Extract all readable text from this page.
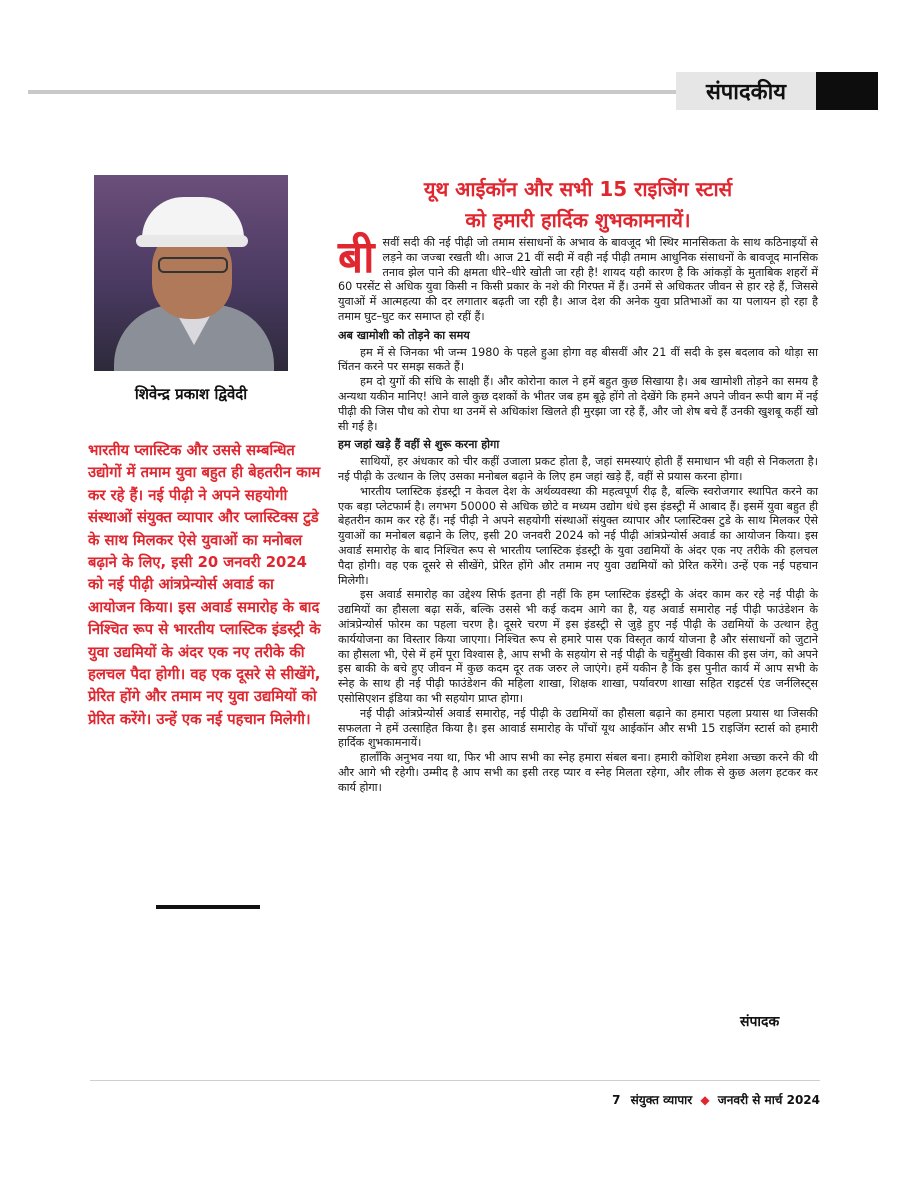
संपादकीय
शिवेन्द्र प्रकाश द्विवेदी
भारतीय प्लास्टिक और उससे सम्बन्धित उद्योगों में तमाम युवा बहुत ही बेहतरीन काम कर रहे हैं। नई पीढ़ी ने अपने सहयोगी संस्थाओं संयुक्त व्यापार और प्लास्टिक्स टुडे के साथ मिलकर ऐसे युवाओं का मनोबल बढ़ाने के लिए, इसी 20 जनवरी 2024 को नई पीढ़ी आंत्रप्रेन्योर्स अवार्ड का आयोजन किया। इस अवार्ड समारोह के बाद निश्चित रूप से भारतीय प्लास्टिक इंडस्ट्री के युवा उद्यमियों के अंदर एक नए तरीके की हलचल पैदा होगी। वह एक दूसरे से सीखेंगे, प्रेरित होंगे और तमाम नए युवा उद्यमियों को प्रेरित करेंगे। उन्हें एक नई पहचान मिलेगी।
यूथ आईकॉन और सभी 15 राइजिंग स्टार्स
को हमारी हार्दिक शुभकामनायें।

बीसवीं सदी की नई पीढ़ी जो तमाम संसाधनों के अभाव के बावजूद भी स्थिर मानसिकता के साथ कठिनाइयों से लड़ने का जज्बा रखती थी। आज 21 वीं सदी में वही नई पीढ़ी तमाम आधुनिक संसाधनों के बावजूद मानसिक तनाव झेल पाने की क्षमता धीरे–धीरे खोती जा रही है! शायद यही कारण है कि आंकड़ों के मुताबिक शहरों में 60 परसेंट से अधिक युवा किसी न किसी प्रकार के नशे की गिरफ्त में हैं। उनमें से अधिकतर जीवन से हार रहे हैं, जिससे युवाओं में आत्महत्या की दर लगातार बढ़ती जा रही है। आज देश की अनेक युवा प्रतिभाओं का या पलायन हो रहा है तमाम घुट–घुट कर समाप्त हो रहीं हैं।

अब खामोशी को तोड़ने का समय

हम में से जिनका भी जन्म 1980 के पहले हुआ होगा वह बीसवीं और 21 वीं सदी के इस बदलाव को थोड़ा सा चिंतन करने पर समझ सकते हैं।

हम दो युगों की संधि के साक्षी हैं। और कोरोना काल ने हमें बहुत कुछ सिखाया है। अब खामोशी तोड़ने का समय है अन्यथा यकीन मानिए! आने वाले कुछ दशकों के भीतर जब हम बूढ़े होंगे तो देखेंगे कि हमने अपने जीवन रूपी बाग में नई पीढ़ी की जिस पौध को रोपा था उनमें से अधिकांश खिलते ही मुरझा जा रहे हैं, और जो शेष बचे हैं उनकी खुशबू कहीं खो सी गई है।

हम जहां खड़े हैं वहीं से शुरू करना होगा

साथियों, हर अंधकार को चीर कहीं उजाला प्रकट होता है, जहां समस्याएं होती हैं समाधान भी वही से निकलता है। नई पीढ़ी के उत्थान के लिए उसका मनोबल बढ़ाने के लिए हम जहां खड़े हैं, वहीं से प्रयास करना होगा।

भारतीय प्लास्टिक इंडस्ट्री न केवल देश के अर्थव्यवस्था की महत्वपूर्ण रीढ़ है, बल्कि स्वरोजगार स्थापित करने का एक बड़ा प्लेटफार्म है। लगभग 50000 से अधिक छोटे व मध्यम उद्योग धंधे इस इंडस्ट्री में आबाद हैं। इसमें युवा बहुत ही बेहतरीन काम कर रहे हैं। नई पीढ़ी ने अपने सहयोगी संस्थाओं संयुक्त व्यापार और प्लास्टिक्स टुडे के साथ मिलकर ऐसे युवाओं का मनोबल बढ़ाने के लिए, इसी 20 जनवरी 2024 को नई पीढ़ी आंत्रप्रेन्योर्स अवार्ड का आयोजन किया। इस अवार्ड समारोह के बाद निश्चित रूप से भारतीय प्लास्टिक इंडस्ट्री के युवा उद्यमियों के अंदर एक नए तरीके की हलचल पैदा होगी। वह एक दूसरे से सीखेंगे, प्रेरित होंगे और तमाम नए युवा उद्यमियों को प्रेरित करेंगे। उन्हें एक नई पहचान मिलेगी।

इस अवार्ड समारोह का उद्देश्य सिर्फ इतना ही नहीं कि हम प्लास्टिक इंडस्ट्री के अंदर काम कर रहे नई पीढ़ी के उद्यमियों का हौसला बढ़ा सकें, बल्कि उससे भी कई कदम आगे का है, यह अवार्ड समारोह नई पीढ़ी फाउंडेशन के आंत्रप्रेन्योर्स फोरम का पहला चरण है। दूसरे चरण में इस इंडस्ट्री से जुड़े हुए नई पीढ़ी के उद्यमियों के उत्थान हेतु कार्ययोजना का विस्तार किया जाएगा। निश्चित रूप से हमारे पास एक विस्तृत कार्य योजना है और संसाधनों को जुटाने का हौसला भी, ऐसे में हमें पूरा विश्वास है, आप सभी के सहयोग से नई पीढ़ी के चहुँमुखी विकास की इस जंग, को अपने इस बाकी के बचे हुए जीवन में कुछ कदम दूर तक जरुर ले जाएंगे। हमें यकीन है कि इस पुनीत कार्य में आप सभी के स्नेह के साथ ही नई पीढ़ी फाउंडेशन की महिला शाखा, शिक्षक शाखा, पर्यावरण शाखा सहित राइटर्स एंड जर्नलिस्ट्स एसोसिएशन इंडिया का भी सहयोग प्राप्त होगा।

नई पीढ़ी आंत्रप्रेन्योर्स अवार्ड समारोह, नई पीढ़ी के उद्यमियों का हौसला बढ़ाने का हमारा पहला प्रयास था जिसकी सफलता ने हमें उत्साहित किया है। इस आवार्ड समारोह के पाँचों यूथ आईकॉन और सभी 15 राइजिंग स्टार्स को हमारी हार्दिक शुभकामनायें।

हालाँकि अनुभव नया था, फिर भी आप सभी का स्नेह हमारा संबल बना। हमारी कोशिश हमेशा अच्छा करने की थी और आगे भी रहेगी। उम्मीद है आप सभी का इसी तरह प्यार व स्नेह मिलता रहेगा, और लीक से कुछ अलग हटकर कर कार्य होगा।

संपादक
7 संयुक्त व्यापार ◆ जनवरी से मार्च 2024
